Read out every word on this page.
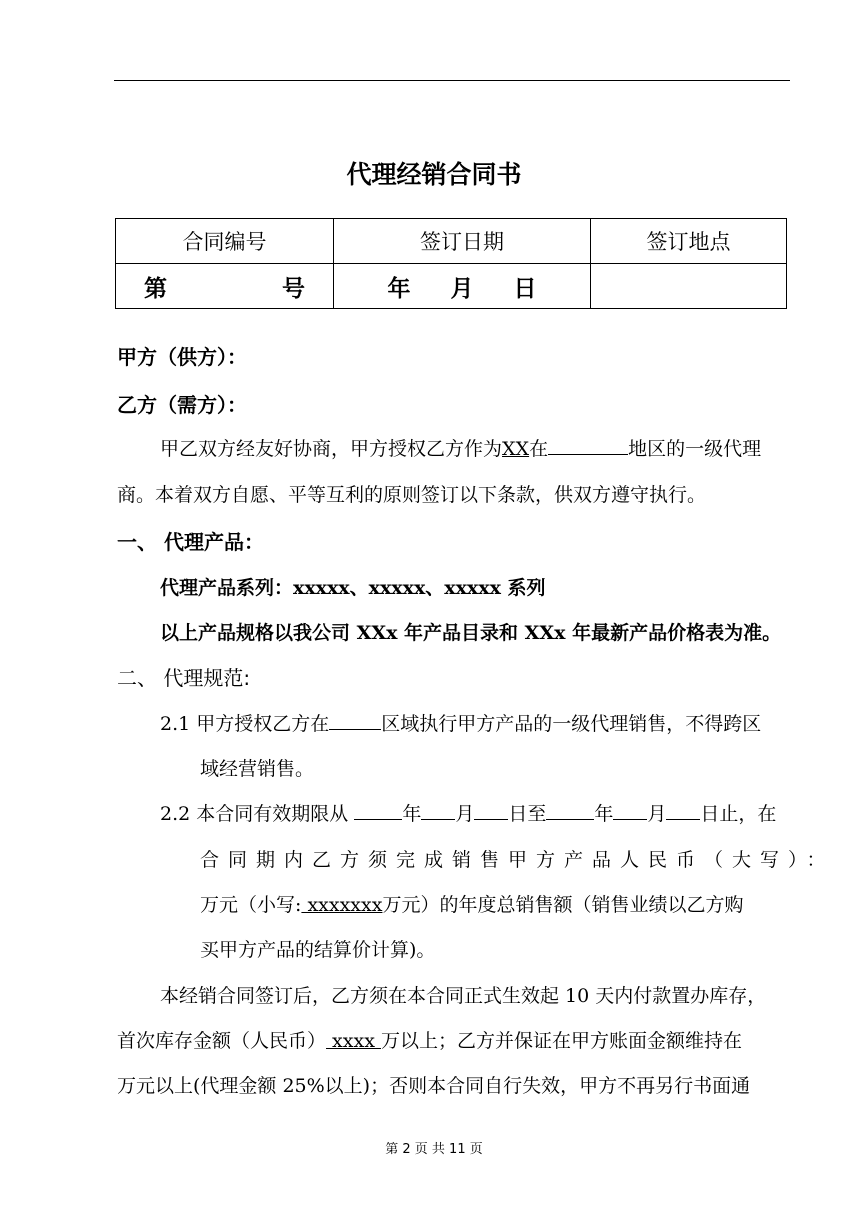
代理经销合同书
合同编号	签订日期	签订地点

第 号	年 月 日	

甲方（供方）：
乙方（需方）：
甲乙双方经友好协商，甲方授权乙方作为XX在	地区的一级代理
商。本着双方自愿、平等互利的原则签订以下条款，供双方遵守执行。
一、 代理产品：
代理产品系列：xxxxx、xxxxx、xxxxx 系列
以上产品规格以我公司 XXx 年产品目录和 XXx 年最新产品价格表为准。
二、 代理规范:
2.1 甲方授权乙方在	区域执行甲方产品的一级代理销售，不得跨区
域经营销售。
2.2 本合同有效期限从	年 月 日至	年 月 日止，在
合同期内乙方须完成销售甲方产品人民币（大写）：
万元（小写: xxxxxxx万元）的年度总销售额（销售业绩以乙方购
买甲方产品的结算价计算)。
本经销合同签订后，乙方须在本合同正式生效起 10 天内付款置办库存，
首次库存金额（人民币） xxxx 万以上；乙方并保证在甲方账面金额维持在
万元以上(代理金额 25%以上)；否则本合同自行失效，甲方不再另行书面通
第 2 页 共 11 页
